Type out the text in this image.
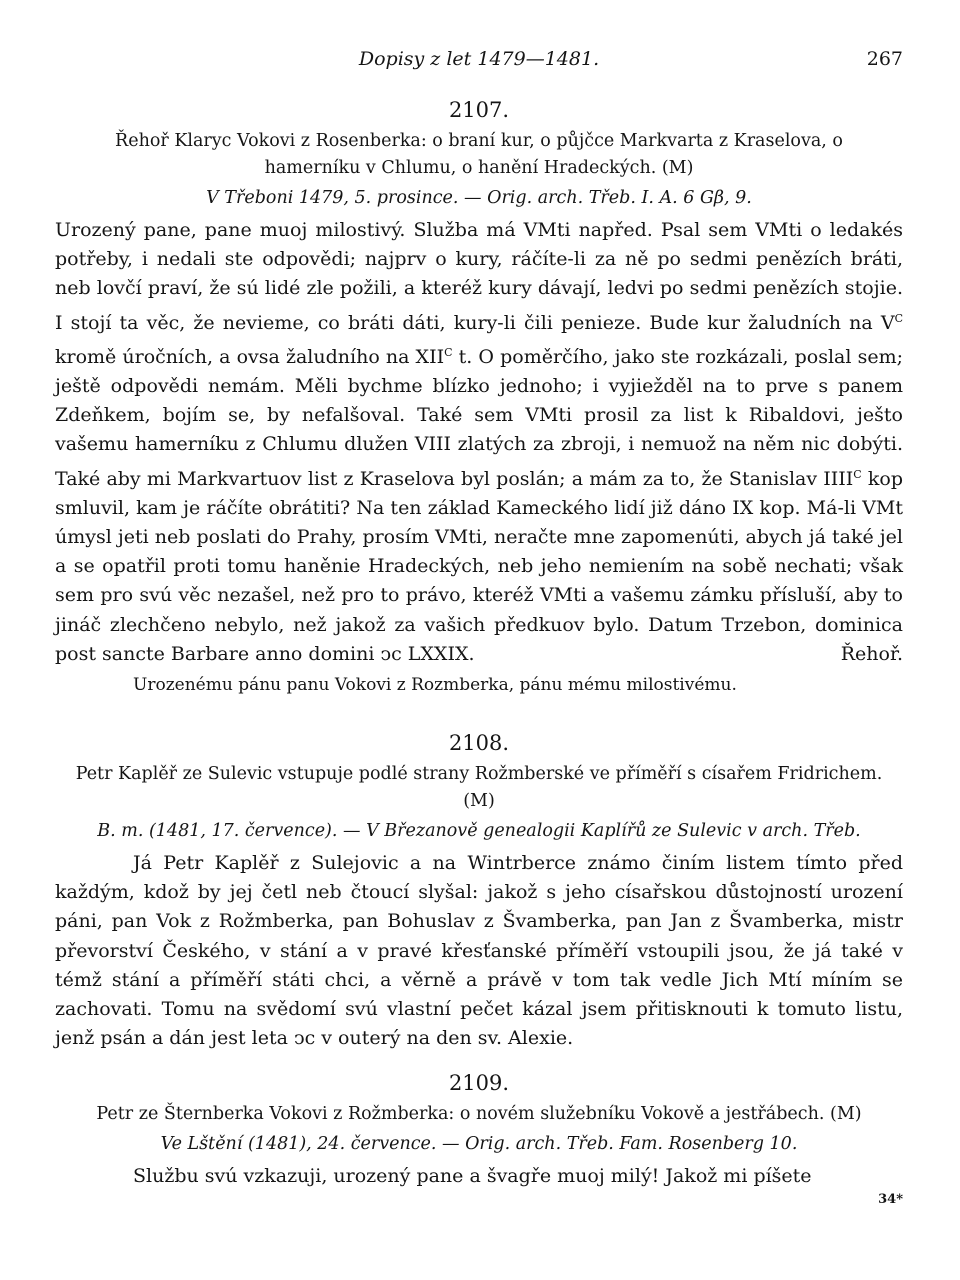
Dopisy z let 1479—1481.	267
2107.
Řehoř Klaryc Vokovi z Rosenberka: o braní kur, o půjčce Markvarta z Kraselova, o hamerníku v Chlumu, o hanění Hradeckých. (M)
V Třeboni 1479, 5. prosince. — Orig. arch. Třeb. I. A. 6 Gβ, 9.

Urozený pane, pane muoj milostivý. Služba má VMti napřed. Psal sem VMti o ledakés potřeby, i nedali ste odpovědi; najprv o kury, ráčíte-li za ně po sedmi penězích bráti, neb lovčí praví, že sú lidé zle požili, a kteréž kury dávají, ledvi po sedmi penězích stojie. I stojí ta věc, že nevieme, co bráti dáti, kury-li čili penieze. Bude kur žaludních na $V^C$ kromě úročních, a ovsa žaludního na $XII^C$ t. O poměrčího, jako ste rozkázali, poslal sem; ještě odpovědi nemám. Měli bychme blízko jednoho; i vyjiežděl na to prve s panem Zdeňkem, bojím se, by nefalšoval. Také sem VMti prosil za list k Ribaldovi, ješto vašemu hamerníku z Chlumu dlužen VIII zlatých za zbroji, i nemuož na něm nic dobýti. Také aby mi Markvartuov list z Kraselova byl poslán; a mám za to, že Stanislav $IIII^C$ kop smluvil, kam je ráčíte obrátiti? Na ten základ Kameckého lidí již dáno IX kop. Má-li VMt úmysl jeti neb poslati do Prahy, prosím VMti, neračte mne zapomenúti, abych já také jel a se opatřil proti tomu haněnie Hradeckých, neb jeho nemiením na sobě nechati; však sem pro svú věc nezašel, než pro to právo, kteréž VMti a vašemu zámku přísluší, aby to jináč zlechčeno nebylo, než jakož za vašich předkuov bylo. Datum Trzebon, dominica post sancte Barbare anno domini ↄc LXXIX.	Řehoř.

Urozenému pánu panu Vokovi z Rozmberka, pánu mému milostivému.
2108.
Petr Kaplěř ze Sulevic vstupuje podlé strany Rožmberské ve příměří s císařem Fridrichem. (M)
B. m. (1481, 17. července). — V Březanově genealogii Kaplířů ze Sulevic v arch. Třeb.

Já Petr Kaplěř z Sulejovic a na Wintrberce známo činím listem tímto před každým, kdož by jej četl neb čtoucí slyšal: jakož s jeho císařskou důstojností urození páni, pan Vok z Rožmberka, pan Bohuslav z Švamberka, pan Jan z Švamberka, mistr převorství Českého, v stání a v pravé křesťanské příměří vstoupili jsou, že já také v témž stání a příměří státi chci, a věrně a právě v tom tak vedle Jich Mtí míním se zachovati. Tomu na svědomí svú vlastní pečet kázal jsem přitisknouti k tomuto listu, jenž psán a dán jest leta ↄc v outerý na den sv. Alexie.

2109.
Petr ze Šternberka Vokovi z Rožmberka: o novém služebníku Vokově a jestřábech. (M)
Ve Lštění (1481), 24. července. — Orig. arch. Třeb. Fam. Rosenberg 10.

Službu svú vzkazuji, urozený pane a švagře muoj milý! Jakož mi píšete

34*
